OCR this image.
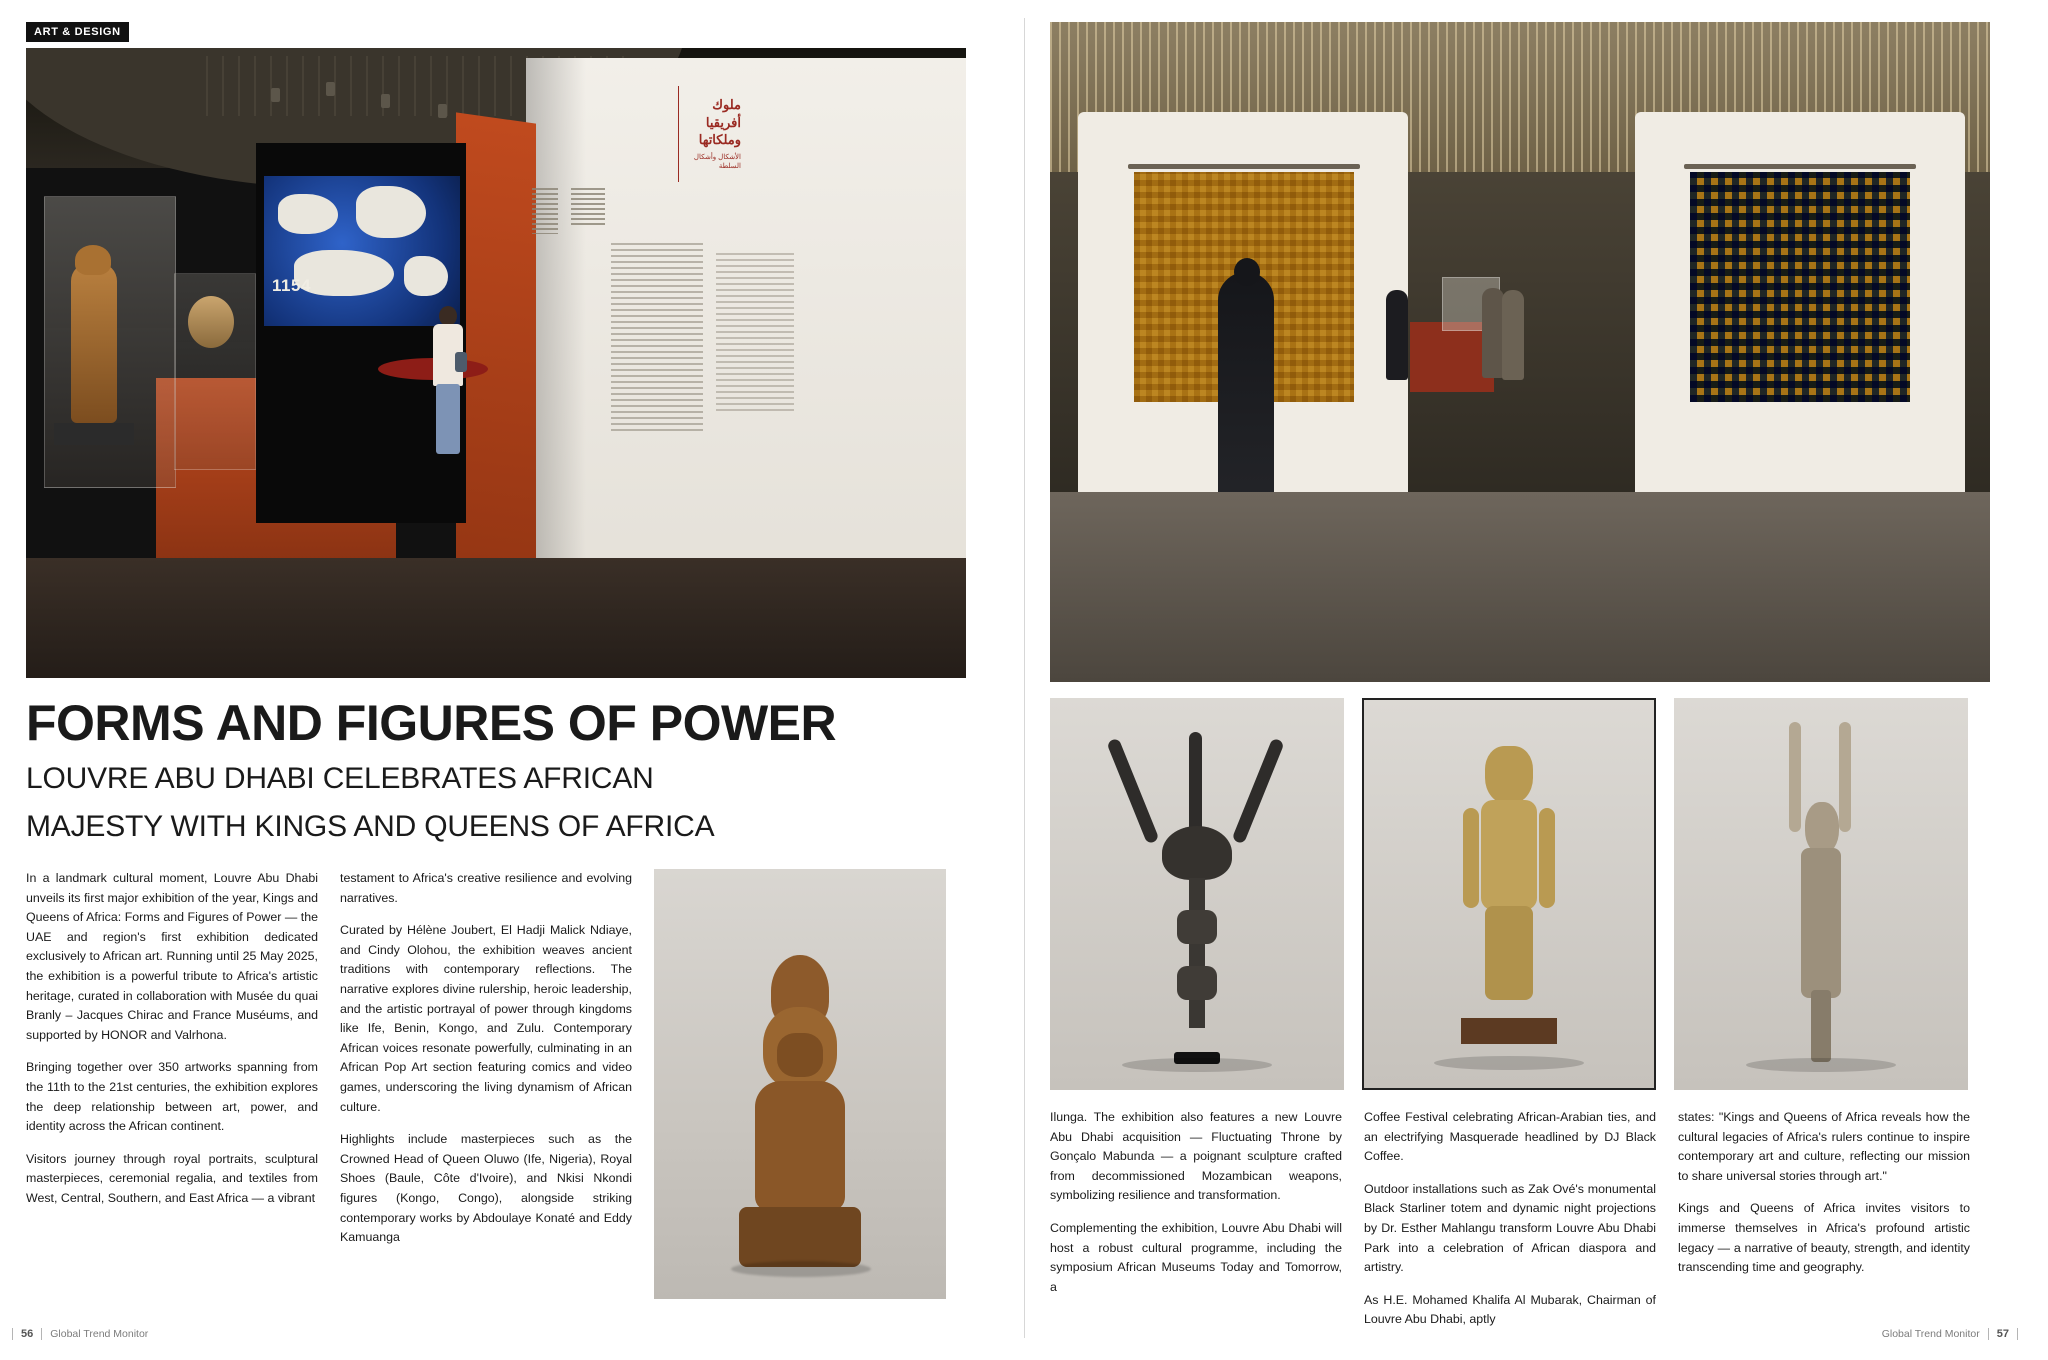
ART & DESIGN
1154
ملوك أفريقيا
وملكاتها
الأشكال وأشكال السلطة
FORMS AND FIGURES OF POWER
LOUVRE ABU DHABI CELEBRATES AFRICAN
MAJESTY WITH KINGS AND QUEENS OF AFRICA

In a landmark cultural moment, Louvre Abu Dhabi unveils its first major exhibition of the year, Kings and Queens of Africa: Forms and Figures of Power — the UAE and region's first exhibition dedicated exclusively to African art. Running until 25 May 2025, the exhibition is a powerful tribute to Africa's artistic heritage, curated in collaboration with Musée du quai Branly – Jacques Chirac and France Muséums, and supported by HONOR and Valrhona.

Bringing together over 350 artworks spanning from the 11th to the 21st centuries, the exhibition explores the deep relationship between art, power, and identity across the African continent.

Visitors journey through royal portraits, sculptural masterpieces, ceremonial regalia, and textiles from West, Central, Southern, and East Africa — a vibrant

testament to Africa's creative resilience and evolving narratives.

Curated by Hélène Joubert, El Hadji Malick Ndiaye, and Cindy Olohou, the exhibition weaves ancient traditions with contemporary reflections. The narrative explores divine rulership, heroic leadership, and the artistic portrayal of power through kingdoms like Ife, Benin, Kongo, and Zulu. Contemporary African voices resonate powerfully, culminating in an African Pop Art section featuring comics and video games, underscoring the living dynamism of African culture.

Highlights include masterpieces such as the Crowned Head of Queen Oluwo (Ife, Nigeria), Royal Shoes (Baule, Côte d'Ivoire), and Nkisi Nkondi figures (Kongo, Congo), alongside striking contemporary works by Abdoulaye Konaté and Eddy Kamuanga

56 Global Trend Monitor

Ilunga. The exhibition also features a new Louvre Abu Dhabi acquisition — Fluctuating Throne by Gonçalo Mabunda — a poignant sculpture crafted from decommissioned Mozambican weapons, symbolizing resilience and transformation.

Complementing the exhibition, Louvre Abu Dhabi will host a robust cultural programme, including the symposium African Museums Today and Tomorrow, a

Coffee Festival celebrating African-Arabian ties, and an electrifying Masquerade headlined by DJ Black Coffee.

Outdoor installations such as Zak Ové's monumental Black Starliner totem and dynamic night projections by Dr. Esther Mahlangu transform Louvre Abu Dhabi Park into a celebration of African diaspora and artistry.

As H.E. Mohamed Khalifa Al Mubarak, Chairman of Louvre Abu Dhabi, aptly

states: "Kings and Queens of Africa reveals how the cultural legacies of Africa's rulers continue to inspire contemporary art and culture, reflecting our mission to share universal stories through art."

Kings and Queens of Africa invites visitors to immerse themselves in Africa's profound artistic legacy — a narrative of beauty, strength, and identity transcending time and geography.

Global Trend Monitor 57
